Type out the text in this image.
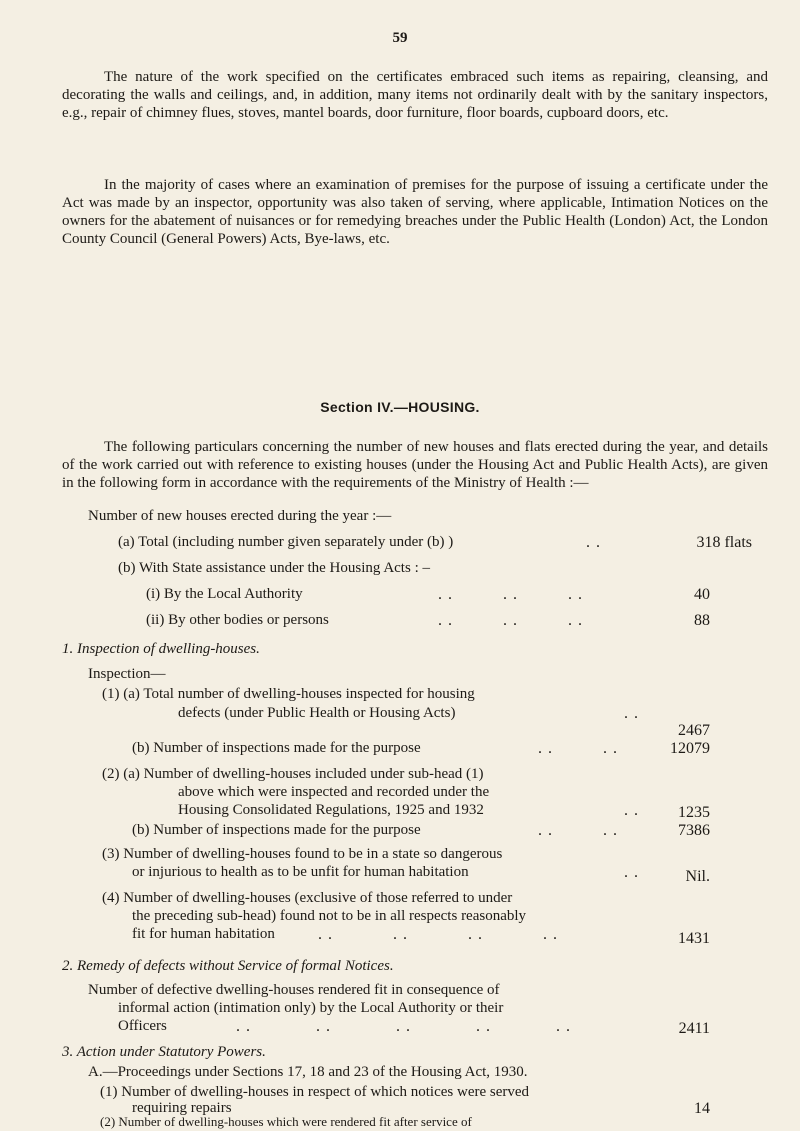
59

The nature of the work specified on the certificates embraced such items as repairing, cleansing, and decorating the walls and ceilings, and, in addition, many items not ordinarily dealt with by the sanitary inspectors, e.g., repair of chimney flues, stoves, mantel boards, door furniture, floor boards, cupboard doors, etc.

In the majority of cases where an examination of premises for the purpose of issuing a certificate under the Act was made by an inspector, opportunity was also taken of serving, where applicable, Intimation Notices on the owners for the abatement of nuisances or for remedying breaches under the Public Health (London) Act, the London County Council (General Powers) Acts, Bye-laws, etc.

Section IV.—HOUSING.

The following particulars concerning the number of new houses and flats erected during the year, and details of the work carried out with reference to existing houses (under the Housing Act and Public Health Acts), are given in the following form in accordance with the requirements of the Ministry of Health :—

Number of new houses erected during the year :—
(a) Total (including number given separately under (b) )	. .	318 flats
(b) With State assistance under the Housing Acts : –
(i) By the Local Authority	. .          . .          . .	40
(ii) By other bodies or persons	. .          . .          . .	88
1. Inspection of dwelling-houses.
Inspection—
(1) (a) Total number of dwelling-houses inspected for housing
defects (under Public Health or Housing Acts)	. .
2467
(b) Number of inspections made for the purpose	. .          . .	12079
(2) (a) Number of dwelling-houses included under sub-head (1)
above which were inspected and recorded under the
Housing Consolidated Regulations, 1925 and 1932	. . 1235
(b) Number of inspections made for the purpose	. .          . .	7386
(3) Number of dwelling-houses found to be in a state so dangerous
or injurious to health as to be unfit for human habitation	. .	Nil.
(4) Number of dwelling-houses (exclusive of those referred to under
the preceding sub-head) found not to be in all respects reasonably
fit for human habitation	. .            . .            . .            . .	1431
2. Remedy of defects without Service of formal Notices.
Number of defective dwelling-houses rendered fit in consequence of
informal action (intimation only) by the Local Authority or their
Officers	. .             . .             . .             . .             . .	2411
3. Action under Statutory Powers.
A.—Proceedings under Sections 17, 18 and 23 of the Housing Act, 1930.
(1) Number of dwelling-houses in respect of which notices were served
requiring repairs	14
(2) Number of dwelling-houses which were rendered fit after service of
